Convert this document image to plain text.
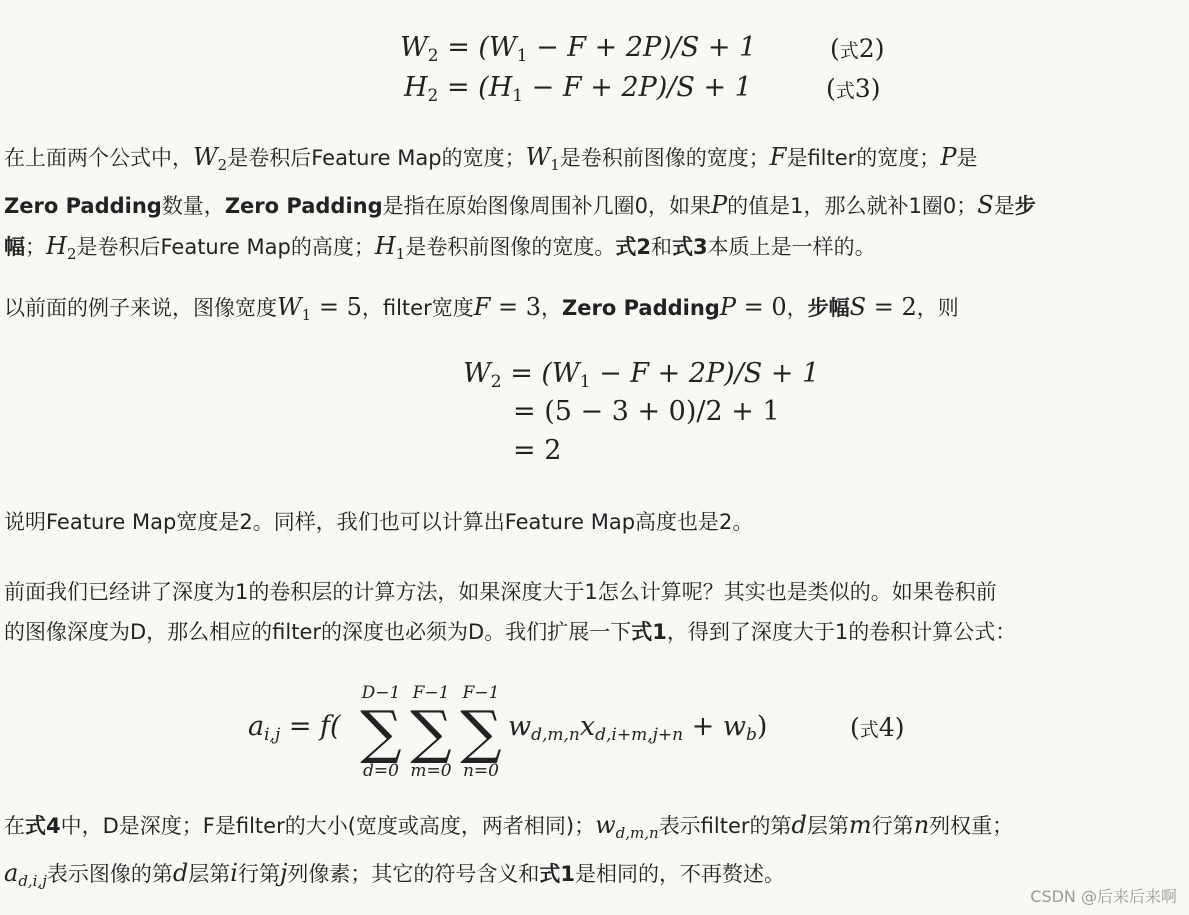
$W_2 = (W_1 - F + 2P)/S + 1$	(式2)
$H_2 = (H_1 - F + 2P)/S + 1$	(式3)
在上面两个公式中，$W_2$是卷积后Feature Map的宽度；$W_1$是卷积前图像的宽度；F是filter的宽度；P是
Zero Padding数量，Zero Padding是指在原始图像周围补几圈0，如果P的值是1，那么就补1圈0；S是步
幅；$H_2$是卷积后Feature Map的高度；$H_1$是卷积前图像的宽度。式2和式3本质上是一样的。
以前面的例子来说，图像宽度$W_1 = 5$，filter宽度F = 3，Zero PaddingP = 0，步幅S = 2，则
$W_2 = (W_1 - F + 2P)/S + 1$
= (5 − 3 + 0)/2 + 1
= 2
说明Feature Map宽度是2。同样，我们也可以计算出Feature Map高度也是2。
前面我们已经讲了深度为1的卷积层的计算方法，如果深度大于1怎么计算呢？其实也是类似的。如果卷积前
的图像深度为D，那么相应的filter的深度也必须为D。我们扩展一下式1，得到了深度大于1的卷积计算公式：
$a_{i,j} = f$(
D−1
∑
d=0
F−1
∑
m=0
F−1
∑
n=0
$w_{d,m,n}x_{d,i+m,j+n} + w_b$)	(式4)
在式4中，D是深度；F是filter的大小(宽度或高度，两者相同)；$w_{d,m,n}$表示filter的第d层第m行第n列权重；
$a_{d,i,j}$表示图像的第d层第i行第j列像素；其它的符号含义和式1是相同的，不再赘述。
CSDN @后来后来啊
